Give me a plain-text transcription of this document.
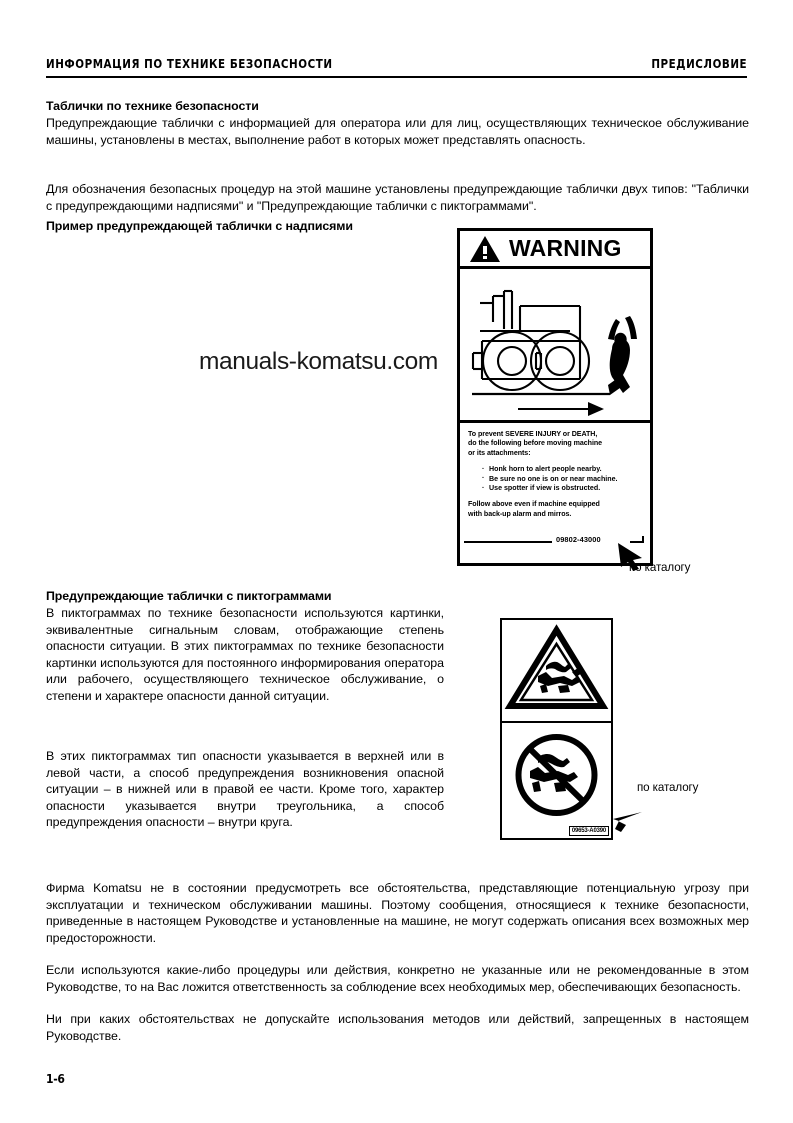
ИНФОРМАЦИЯ ПО ТЕХНИКЕ БЕЗОПАСНОСТИ	ПРЕДИСЛОВИЕ
Таблички по технике безопасности
Предупреждающие таблички с информацией для оператора или для лиц, осуществляющих техническое обслуживание машины, установлены в местах, выполнение работ в которых может представлять опасность.
Для обозначения безопасных процедур на этой машине установлены предупреждающие таблички двух типов: "Таблички с предупреждающими надписями" и "Предупреждающие таблички с пиктограммами".
Пример предупреждающей таблички с надписями
WARNING

To prevent SEVERE INJURY or DEATH,

do the following before moving machine

or its attachments:

· Honk horn to alert people nearby.
· Be sure no one is on or near machine.
· Use spotter if view is obstructed.

Follow above even if machine equipped

with back-up alarm and mirros.

09802-43000
по каталогу
Предупреждающие таблички с пиктограммами
В пиктограммах по технике безопасности используются картинки, эквивалентные сигнальным словам, отображающие степень опасности ситуации. В этих пиктограммах по технике безопасности картинки используются для постоянного информирования оператора или рабочего, осуществляющего техническое обслуживание, о степени и характере опасности данной ситуации.
В этих пиктограммах тип опасности указывается в верхней или в левой части, а способ предупреждения возникновения опасной ситуации – в нижней или в правой ее части. Кроме того, характер опасности указывается внутри треугольника, а способ предупреждения опасности – внутри круга.
09653-A0390
по каталогу
Фирма Komatsu не в состоянии предусмотреть все обстоятельства, представляющие потенциальную угрозу при эксплуатации и техническом обслуживании машины. Поэтому сообщения, относящиеся к технике безопасности, приведенные в настоящем Руководстве и установленные на машине, не могут содержать описания всех возможных мер предосторожности.
Если используются какие-либо процедуры или действия, конкретно не указанные или не рекомендованные в этом Руководстве, то на Вас ложится ответственность за соблюдение всех необходимых мер, обеспечивающих безопасность.
Ни при каких обстоятельствах не допускайте использования методов или действий, запрещенных в настоящем Руководстве.
manuals-komatsu.com
1-6
